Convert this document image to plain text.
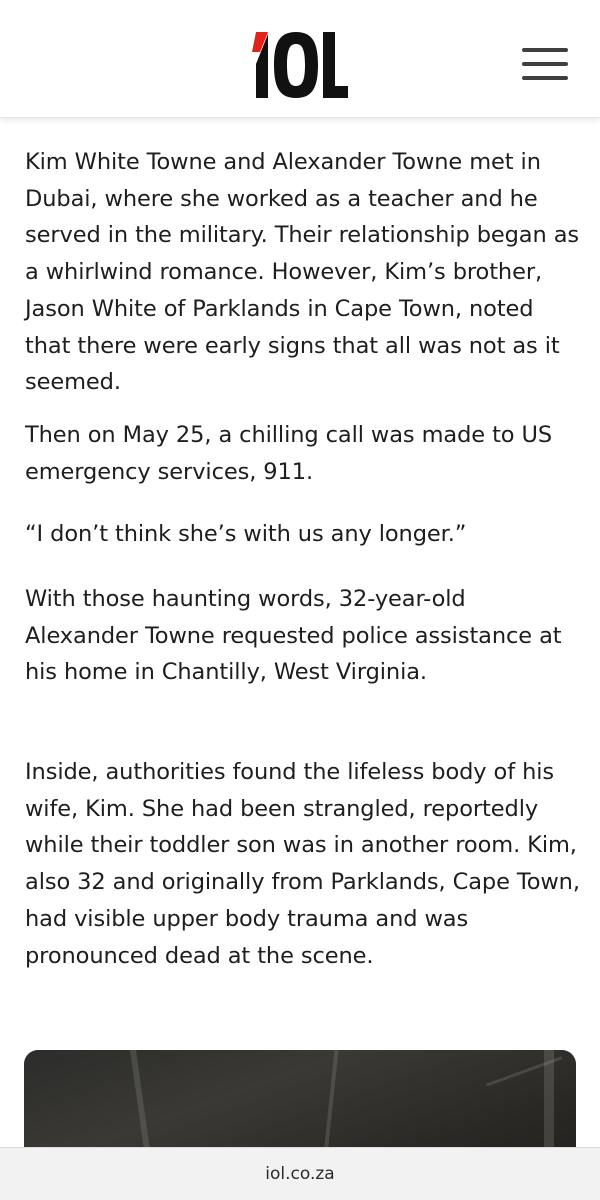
Kim White Towne and Alexander Towne met in Dubai, where she worked as a teacher and he served in the military. Their relationship began as a whirlwind romance. However, Kim’s brother, Jason White of Parklands in Cape Town, noted that there were early signs that all was not as it seemed.

Then on May 25, a chilling call was made to US emergency services, 911.

“I don’t think she’s with us any longer.”

With those haunting words, 32-year-old Alexander Towne requested police assistance at his home in Chantilly, West Virginia.

Inside, authorities found the lifeless body of his wife, Kim. She had been strangled, reportedly while their toddler son was in another room. Kim, also 32 and originally from Parklands, Cape Town, had visible upper body trauma and was pronounced dead at the scene.

iol.co.za
